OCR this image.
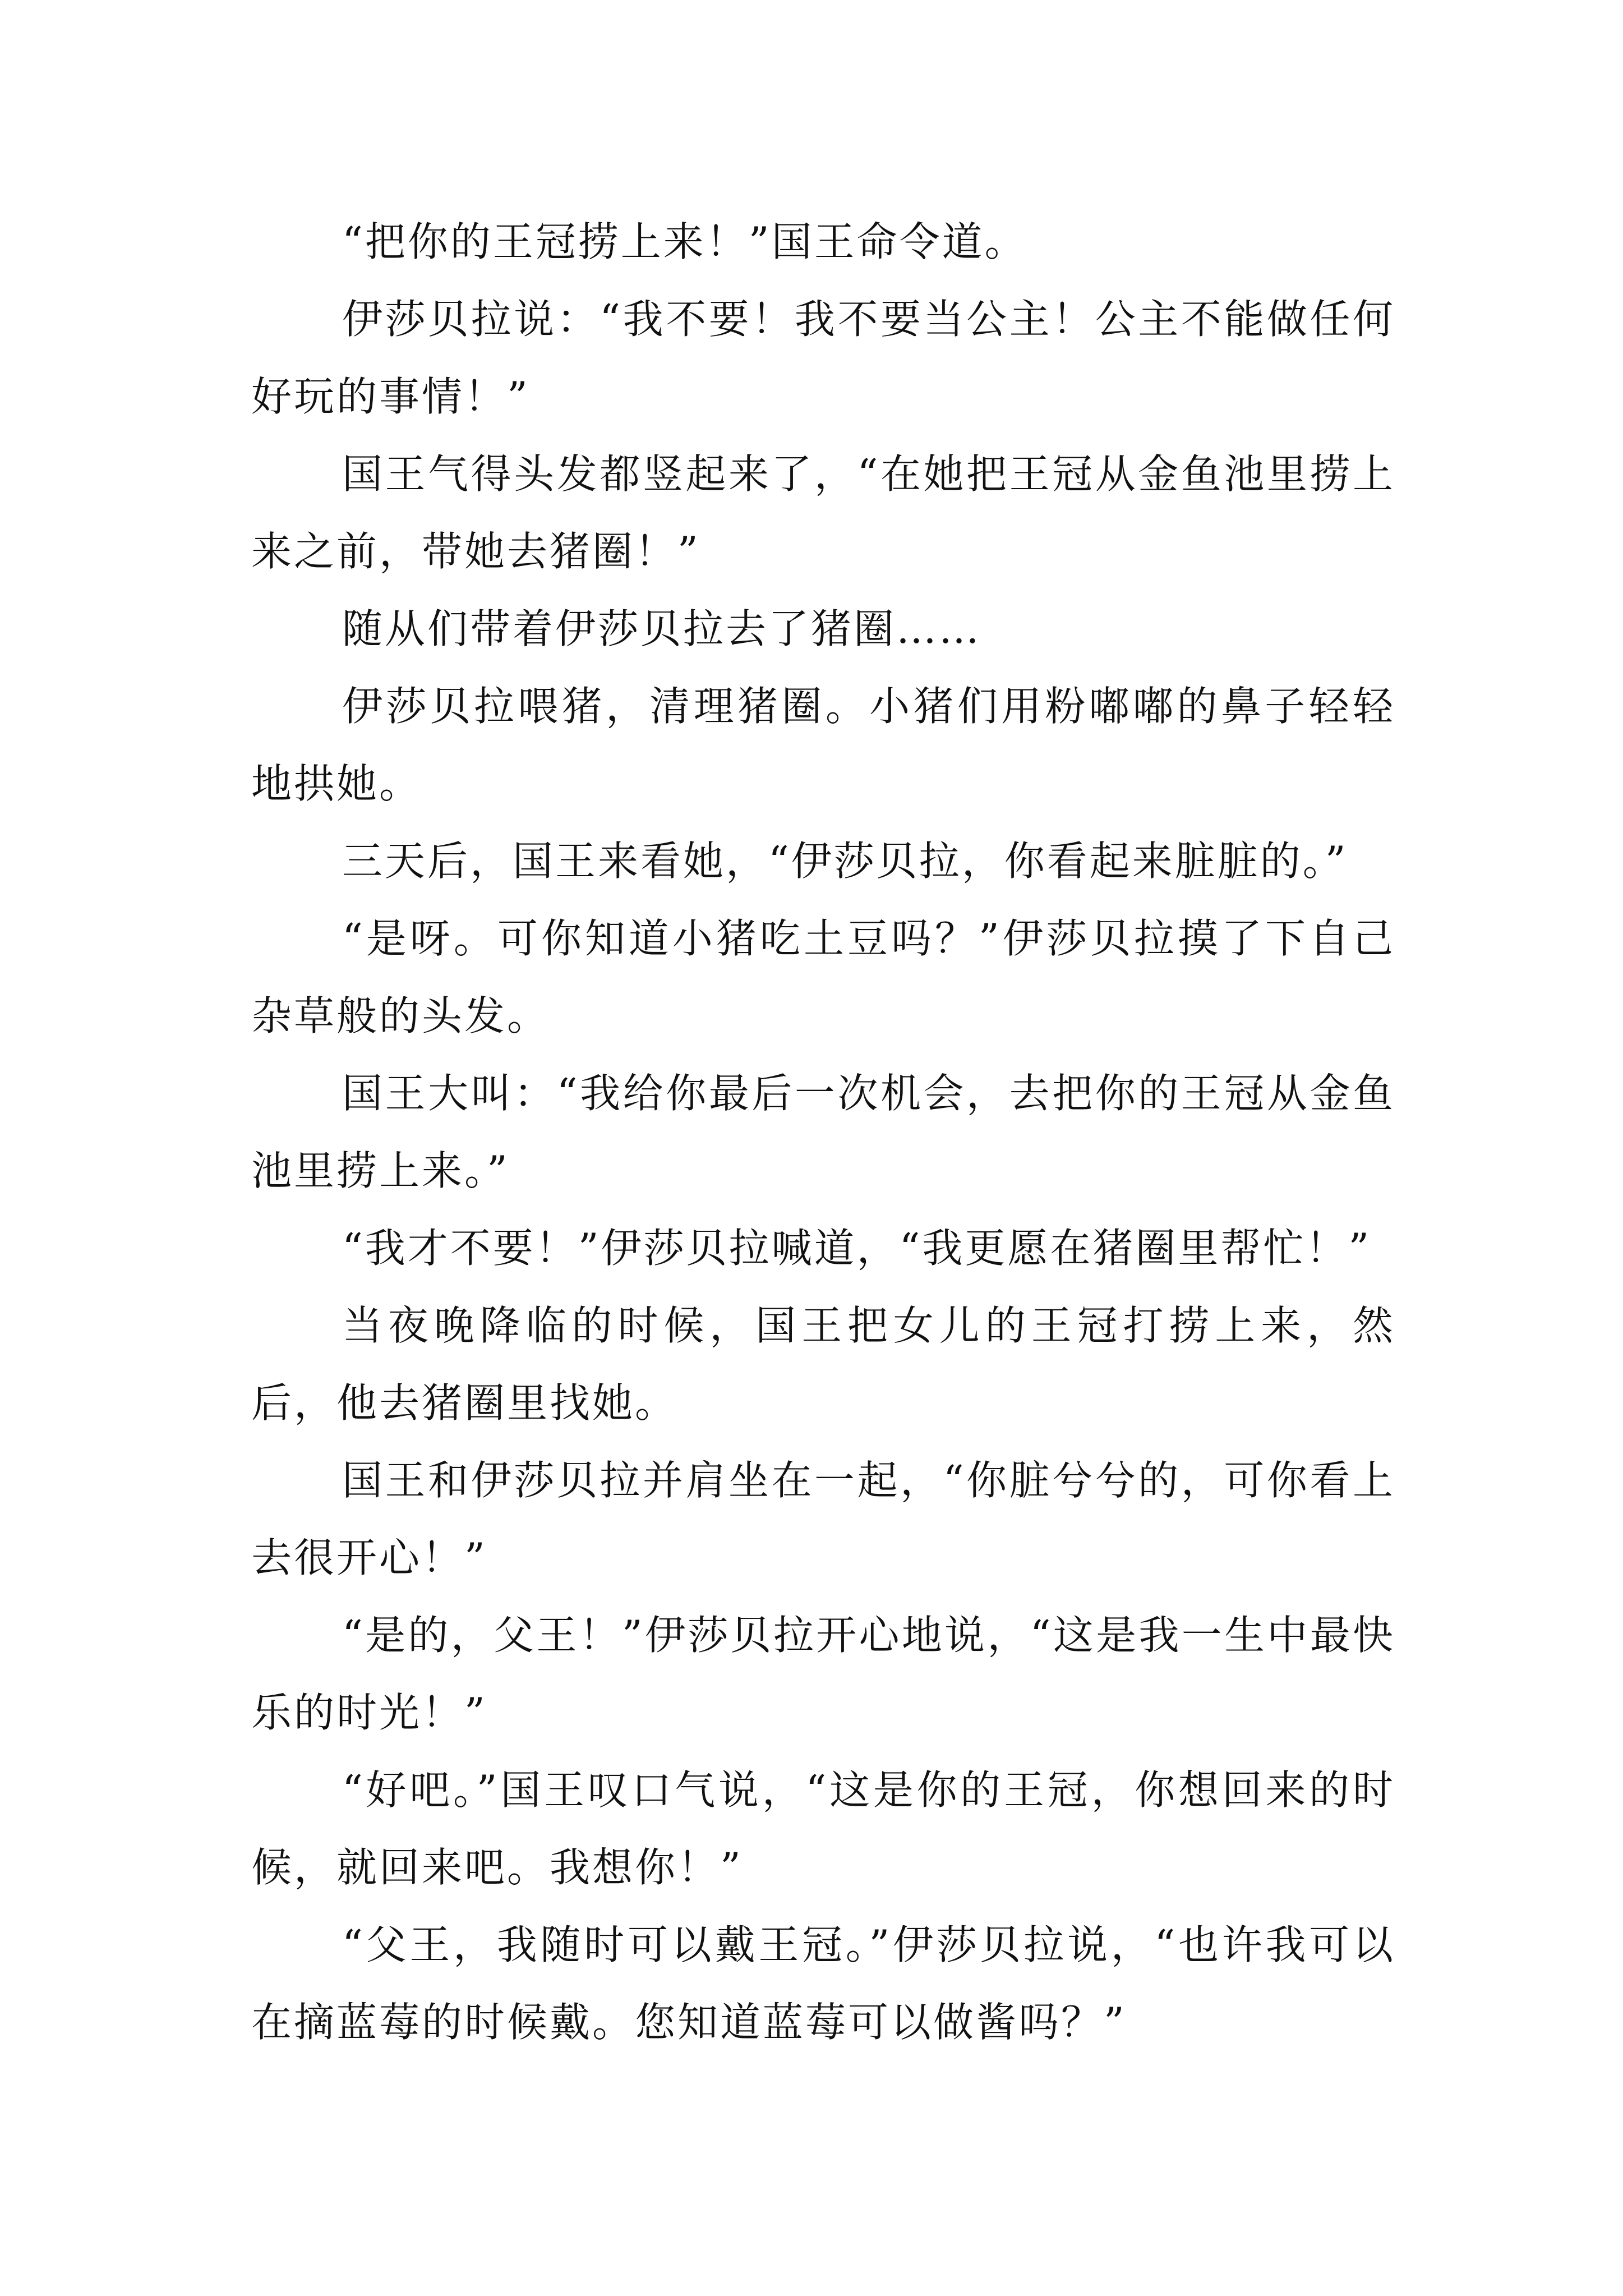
“把你的王冠捞上来！”国王命令道。

伊莎贝拉说：“我不要！我不要当公主！公主不能做任何好玩的事情！”

国王气得头发都竖起来了，“在她把王冠从金鱼池里捞上来之前，带她去猪圈！”

随从们带着伊莎贝拉去了猪圈……

伊莎贝拉喂猪，清理猪圈。小猪们用粉嘟嘟的鼻子轻轻地拱她。

三天后，国王来看她，“伊莎贝拉，你看起来脏脏的。”

“是呀。可你知道小猪吃土豆吗？”伊莎贝拉摸了下自己杂草般的头发。

国王大叫：“我给你最后一次机会，去把你的王冠从金鱼池里捞上来。”

“我才不要！”伊莎贝拉喊道，“我更愿在猪圈里帮忙！”

当夜晚降临的时候，国王把女儿的王冠打捞上来，然后，他去猪圈里找她。

国王和伊莎贝拉并肩坐在一起，“你脏兮兮的，可你看上去很开心！”

“是的，父王！”伊莎贝拉开心地说，“这是我一生中最快乐的时光！”

“好吧。”国王叹口气说，“这是你的王冠，你想回来的时候，就回来吧。我想你！”

“父王，我随时可以戴王冠。”伊莎贝拉说，“也许我可以在摘蓝莓的时候戴。您知道蓝莓可以做酱吗？”
